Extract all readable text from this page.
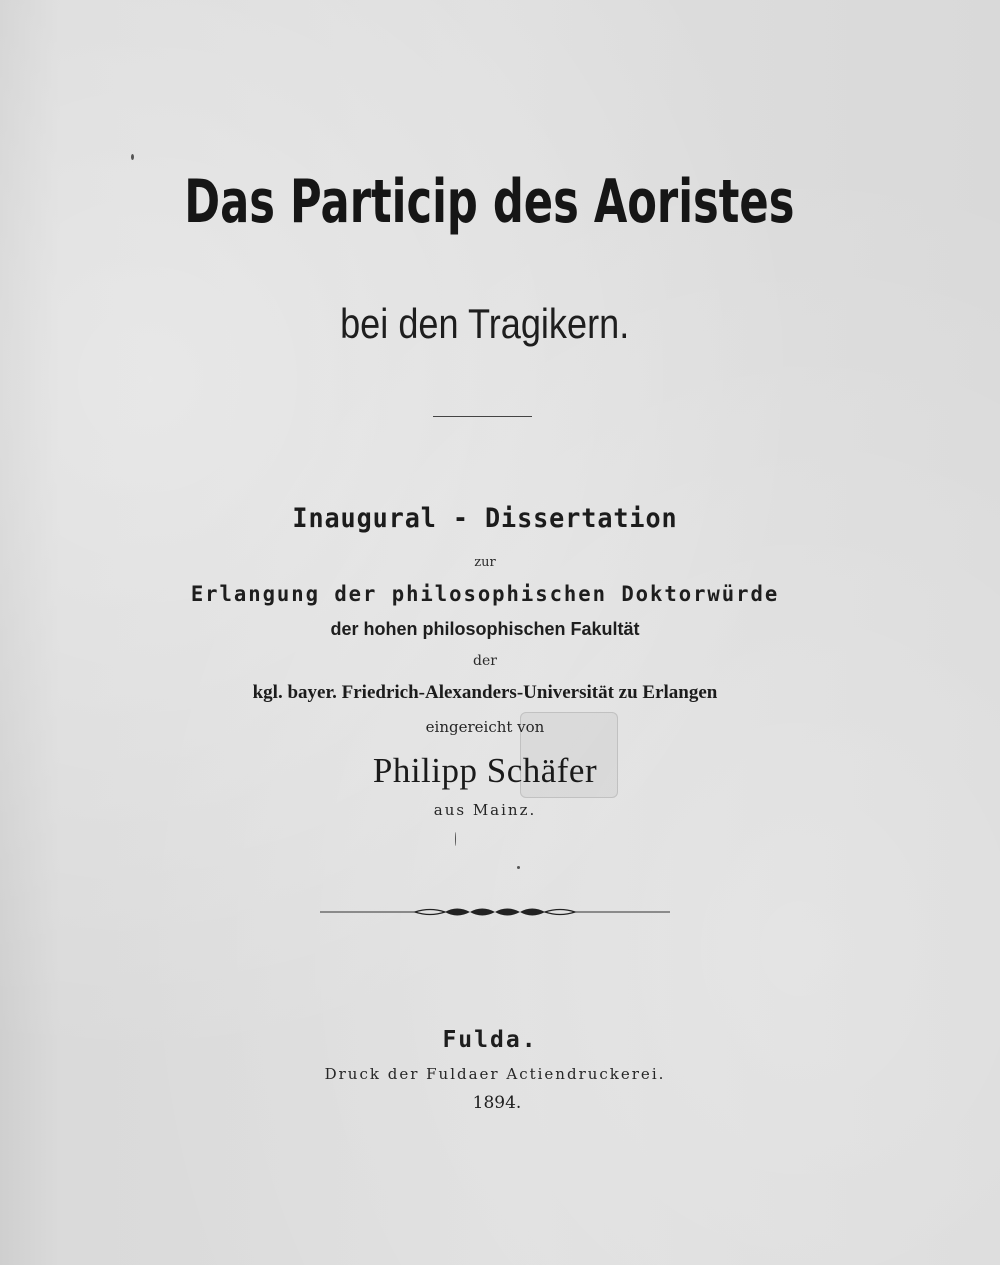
Das Particip des Aoristes
bei den Tragikern.
Inaugural - Dissertation
zur
Erlangung der philosophischen Doktorwürde
der hohen philosophischen Fakultät
der
kgl. bayer. Friedrich-Alexanders-Universität zu Erlangen
eingereicht von
Philipp Schäfer
aus Mainz.
Fulda.
Druck der Fuldaer Actiendruckerei.
1894.
